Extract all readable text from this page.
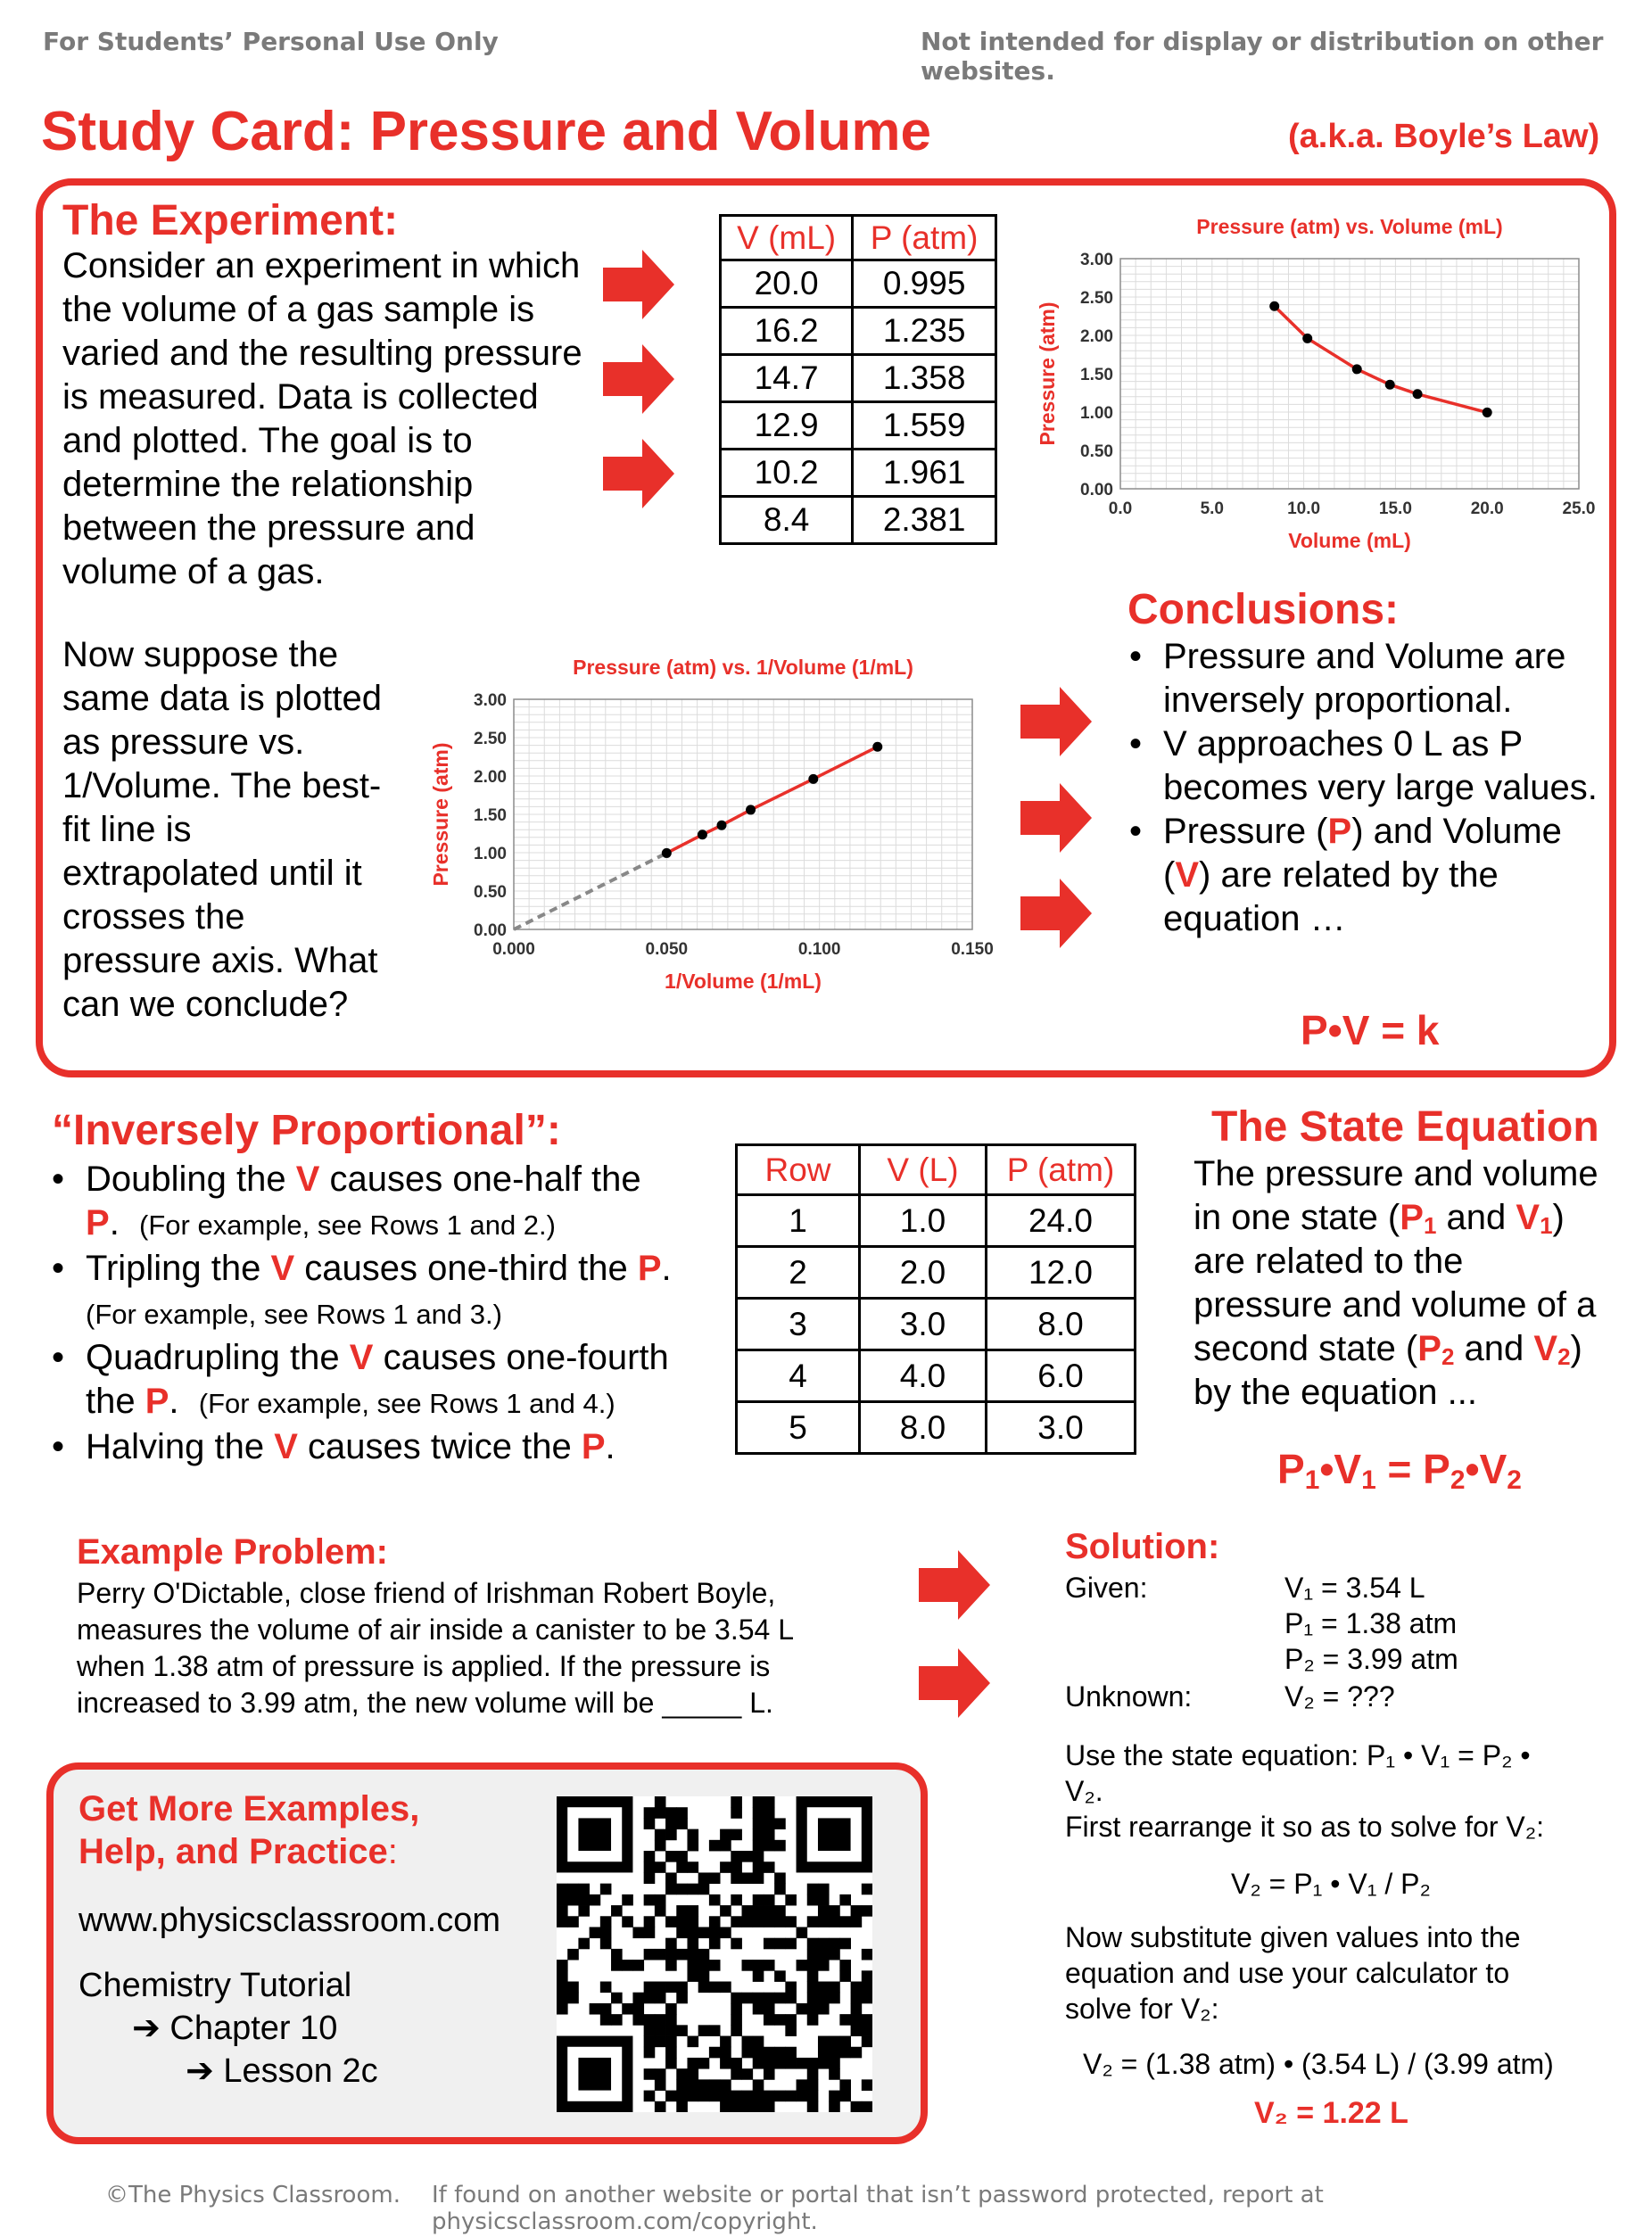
For Students’ Personal Use Only	Not intended for display or distribution on other websites.
Study Card: Pressure and Volume	(a.k.a. Boyle’s Law)
The Experiment:
Consider an experiment in which
the volume of a gas sample is
varied and the resulting pressure
is measured. Data is collected
and plotted. The goal is to
determine the relationship
between the pressure and
volume of a gas.
Now suppose the
same data is plotted
as pressure vs.
1/Volume. The best-
fit line is
extrapolated until it
crosses the
pressure axis. What
can we conclude?
V (mL)	P (atm)
20.0	0.995
16.2	1.235
14.7	1.358
12.9	1.559
10.2	1.961
8.4	2.381
Pressure (atm) vs. Volume (mL)
0.00
0.50
1.00
1.50
2.00
2.50
3.00
0.0	5.0	10.0	15.0	20.0	25.0
Volume (mL)
Pressure (atm)
Pressure (atm) vs. 1/Volume (1/mL)
0.00
0.50
1.00
1.50
2.00
2.50
3.00
0.000	0.050	0.100	0.150
1/Volume (1/mL)
Pressure (atm)
Conclusions:
• Pressure and Volume are inversely proportional.
• V approaches 0 L as P becomes very large values.
• Pressure (P) and Volume (V) are related by the equation …
P•V = k
“Inversely Proportional”:
• Doubling the V causes one-half the P. (For example, see Rows 1 and 2.)
• Tripling the V causes one-third the P.
(For example, see Rows 1 and 3.)
• Quadrupling the V causes one-fourth the P. (For example, see Rows 1 and 4.)
• Halving the V causes twice the P.
Row	V (L)	P (atm)
1	1.0	24.0
2	2.0	12.0
3	3.0	8.0
4	4.0	6.0
5	8.0	3.0
The State Equation
The pressure and volume
in one state ($P_1$ and $V_1$)
are related to the
pressure and volume of a
second state ($P_2$ and $V_2$)
by the equation ...
$P_1•V_1$ = $P_2•V_2$
Example Problem:
Perry O'Dictable, close friend of Irishman Robert Boyle,
measures the volume of air inside a canister to be 3.54 L
when 1.38 atm of pressure is applied. If the pressure is
increased to 3.99 atm, the new volume will be _____ L.
Get More Examples,
Help, and Practice:
www.physicsclassroom.com
Chemistry Tutorial
➔ Chapter 10
➔ Lesson 2c
Solution:
Given:	V₁ = 3.54 L
P₁ = 1.38 atm
P₂ = 3.99 atm
Unknown:	V₂ = ???
Use the state equation: P₁ • V₁ = P₂ •
V₂.
First rearrange it so as to solve for V₂:
V₂ = P₁ • V₁ / P₂
Now substitute given values into the
equation and use your calculator to
solve for V₂:
V₂ = (1.38 atm) • (3.54 L) / (3.99 atm)
V₂ = 1.22 L
©The Physics Classroom. If found on another website or portal that isn’t password protected, report at physicsclassroom.com/copyright.
